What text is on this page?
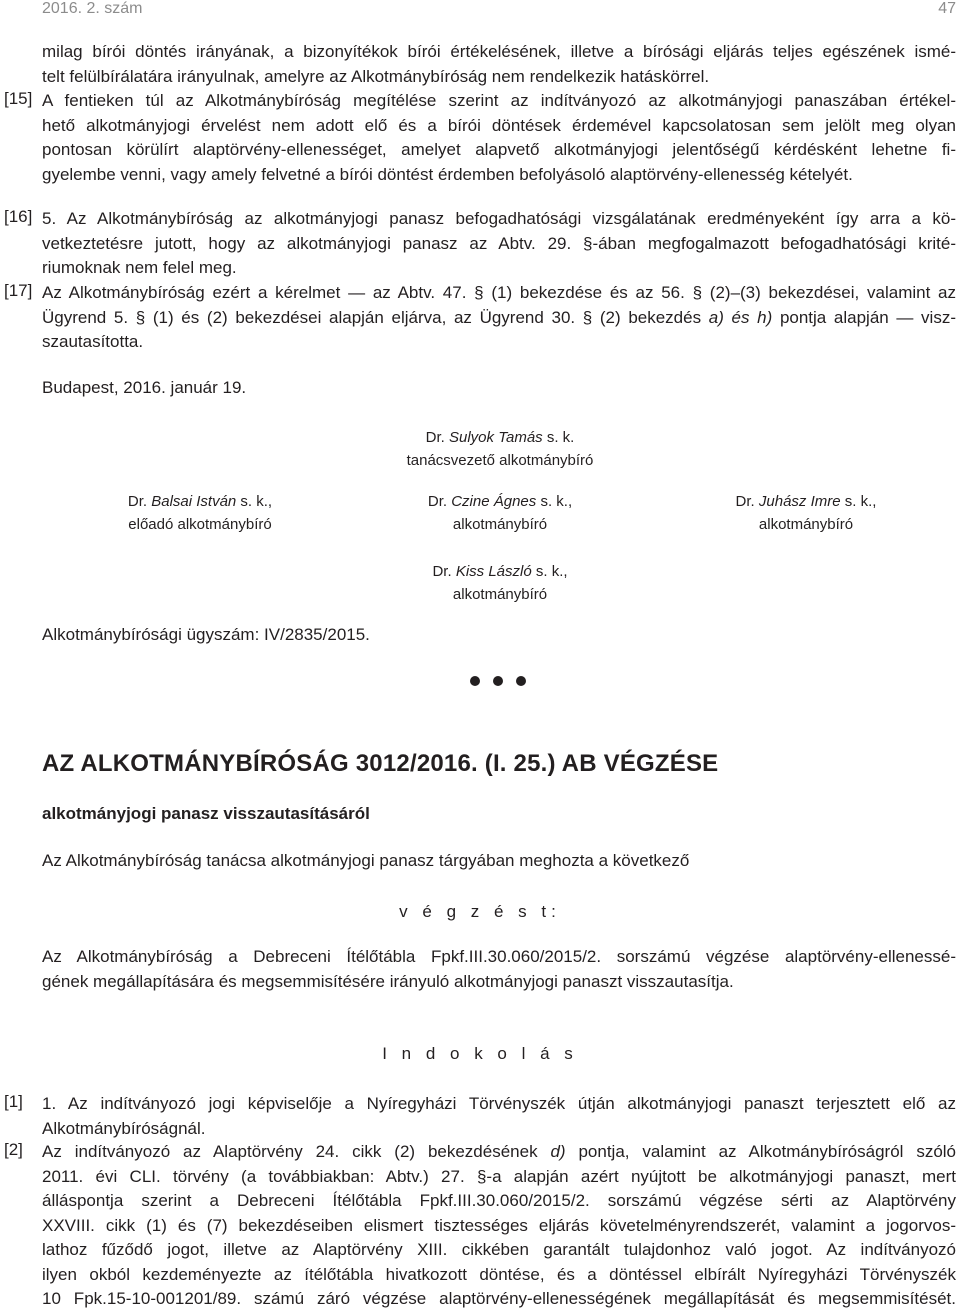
2016. 2. szám	47
milag bírói döntés irányának, a bizonyítékok bírói értékelésének, illetve a bírósági eljárás teljes egészének ismé-
telt felülbírálatára irányulnak, amelyre az Alkotmánybíróság nem rendelkezik hatáskörrel.
[15] A fentieken túl az Alkotmánybíróság megítélése szerint az indítványozó az alkotmányjogi panaszában értékel-
hető alkotmányjogi érvelést nem adott elő és a bírói döntések érdemével kapcsolatosan sem jelölt meg olyan
pontosan körülírt alaptörvény-ellenességet, amelyet alapvető alkotmányjogi jelentőségű kérdésként lehetne fi-
gyelembe venni, vagy amely felvetné a bírói döntést érdemben befolyásoló alaptörvény-ellenesség kételyét.
[16] 5. Az Alkotmánybíróság az alkotmányjogi panasz befogadhatósági vizsgálatának eredményeként így arra a kö-
vetkeztetésre jutott, hogy az alkotmányjogi panasz az Abtv. 29. §-ában megfogalmazott befogadhatósági krité-
riumoknak nem felel meg.
[17] Az Alkotmánybíróság ezért a kérelmet — az Abtv. 47. § (1) bekezdése és az 56. § (2)–(3) bekezdései, valamint az
Ügyrend 5. § (1) és (2) bekezdései alapján eljárva, az Ügyrend 30. § (2) bekezdés a) és h) pontja alapján — visz-
szautasította.
Budapest, 2016. január 19.
Dr. Sulyok Tamás s. k.
tanácsvezető alkotmánybíró
Dr. Balsai István s. k.,
előadó alkotmánybíró
Dr. Czine Ágnes s. k.,
alkotmánybíró
Dr. Juhász Imre s. k.,
alkotmánybíró
Dr. Kiss László s. k.,
alkotmánybíró
Alkotmánybírósági ügyszám: IV/2835/2015.
AZ ALKOTMÁNYBÍRÓSÁG 3012/2016. (I. 25.) AB VÉGZÉSE
alkotmányjogi panasz visszautasításáról
Az Alkotmánybíróság tanácsa alkotmányjogi panasz tárgyában meghozta a következő
v é g z é s t:
Az Alkotmánybíróság a Debreceni Ítélőtábla Fpkf.III.30.060/2015/2. sorszámú végzése alaptörvény-ellenessé-
gének megállapítására és megsemmisítésére irányuló alkotmányjogi panaszt visszautasítja.
I n d o k o l á s
[1] 1. Az indítványozó jogi képviselője a Nyíregyházi Törvényszék útján alkotmányjogi panaszt terjesztett elő az
Alkotmánybíróságnál.
[2] Az indítványozó az Alaptörvény 24. cikk (2) bekezdésének d) pontja, valamint az Alkotmánybíróságról szóló
2011. évi CLI. törvény (a továbbiakban: Abtv.) 27. §-a alapján azért nyújtott be alkotmányjogi panaszt, mert
álláspontja szerint a Debreceni Ítélőtábla Fpkf.III.30.060/2015/2. sorszámú végzése sérti az Alaptörvény
XXVIII. cikk (1) és (7) bekezdéseiben elismert tisztességes eljárás követelményrendszerét, valamint a jogorvos-
lathoz fűződő jogot, illetve az Alaptörvény XIII. cikkében garantált tulajdonhoz való jogot. Az indítványozó
ilyen okból kezdeményezte az ítélőtábla hivatkozott döntése, és a döntéssel elbírált Nyíregyházi Törvényszék
10 Fpk.15-10-001201/89. számú záró végzése alaptörvény-ellenességének megállapítását és megsemmisítését.
